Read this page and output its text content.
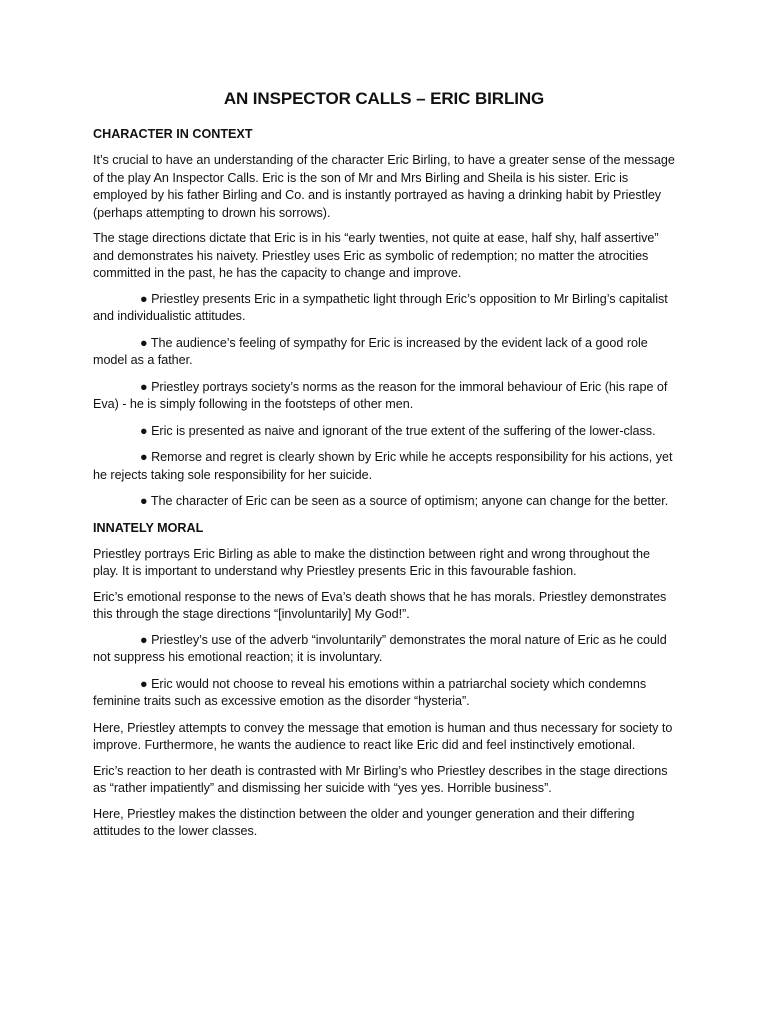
AN INSPECTOR CALLS – ERIC BIRLING
CHARACTER IN CONTEXT

It’s crucial to have an understanding of the character Eric Birling, to have a greater sense of the message of the play An Inspector Calls. Eric is the son of Mr and Mrs Birling and Sheila is his sister. Eric is employed by his father Birling and Co. and is instantly portrayed as having a drinking habit by Priestley (perhaps attempting to drown his sorrows).

The stage directions dictate that Eric is in his “early twenties, not quite at ease, half shy, half assertive” and demonstrates his naivety. Priestley uses Eric as symbolic of redemption; no matter the atrocities committed in the past, he has the capacity to change and improve.

● Priestley presents Eric in a sympathetic light through Eric’s opposition to Mr Birling’s capitalist and individualistic attitudes.

● The audience’s feeling of sympathy for Eric is increased by the evident lack of a good role model as a father.

● Priestley portrays society’s norms as the reason for the immoral behaviour of Eric (his rape of Eva) - he is simply following in the footsteps of other men.

● Eric is presented as naive and ignorant of the true extent of the suffering of the lower-class.

● Remorse and regret is clearly shown by Eric while he accepts responsibility for his actions, yet he rejects taking sole responsibility for her suicide.

● The character of Eric can be seen as a source of optimism; anyone can change for the better.

INNATELY MORAL

Priestley portrays Eric Birling as able to make the distinction between right and wrong throughout the play. It is important to understand why Priestley presents Eric in this favourable fashion.

Eric’s emotional response to the news of Eva’s death shows that he has morals. Priestley demonstrates this through the stage directions “[involuntarily] My God!”.

● Priestley’s use of the adverb “involuntarily” demonstrates the moral nature of Eric as he could not suppress his emotional reaction; it is involuntary.

● Eric would not choose to reveal his emotions within a patriarchal society which condemns feminine traits such as excessive emotion as the disorder “hysteria”.

Here, Priestley attempts to convey the message that emotion is human and thus necessary for society to improve. Furthermore, he wants the audience to react like Eric did and feel instinctively emotional.

Eric’s reaction to her death is contrasted with Mr Birling’s who Priestley describes in the stage directions as “rather impatiently” and dismissing her suicide with “yes yes. Horrible business”.

Here, Priestley makes the distinction between the older and younger generation and their differing attitudes to the lower classes.
